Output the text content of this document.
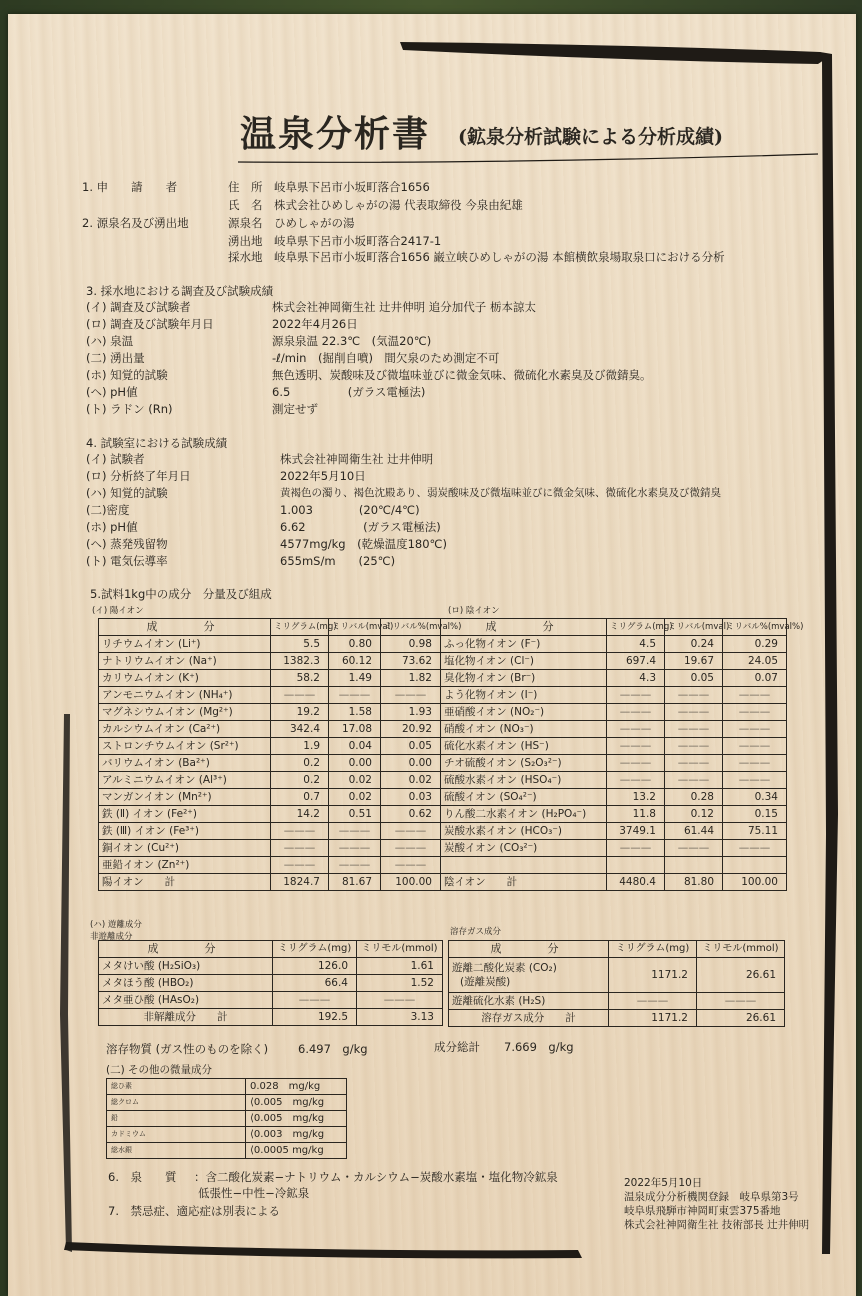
温泉分析書 (鉱泉分析試験による分析成績)
1. 申　　請　　者	住　所 岐阜県下呂市小坂町落合1656
氏　名 株式会社ひめしゃがの湯 代表取締役 今泉由紀雄
2. 源泉名及び湧出地	源泉名 ひめしゃがの湯
湧出地 岐阜県下呂市小坂町落合2417-1
採水地 岐阜県下呂市小坂町落合1656 巌立峡ひめしゃがの湯 本館横飲泉場取泉口における分析
3. 採水地における調査及び試験成績
(イ) 調査及び試験者	株式会社神岡衛生社 辻井伸明 追分加代子 栃本諒太
(ロ) 調査及び試験年月日	2022年4月26日
(ハ) 泉温	源泉泉温 22.3℃　(気温20℃)
(二) 湧出量	-ℓ/min　(掘削自噴)　間欠泉のため測定不可
(ホ) 知覚的試験	無色透明、炭酸味及び微塩味並びに微金気味、微硫化水素臭及び微錆臭。
(ヘ) pH値	6.5　　　　　(ガラス電極法)
(ト) ラドン (Rn)	測定せず
4. 試験室における試験成績
(イ) 試験者	株式会社神岡衛生社 辻井伸明
(ロ) 分析終了年月日	2022年5月10日
(ハ) 知覚的試験	黄褐色の濁り、褐色沈殿あり、弱炭酸味及び微塩味並びに微金気味、微硫化水素臭及び微錆臭
(二)密度	1.003　　　　(20℃/4℃)
(ホ) pH値	6.62　　　　　(ガラス電極法)
(ヘ) 蒸発残留物	4577mg/kg　(乾燥温度180℃)
(ト) 電気伝導率	655mS/m　　(25℃)
5.試料1kg中の成分　分量及び組成
(イ) 陽イオン	(ロ) 陰イオン
成　　分	ミリグラム(mg)	ミリバル(mval)	ミリバル%(mval%)	成　　分	ミリグラム(mg)	ミリバル(mval)	ミリバル%(mval%)
リチウムイオン (Li⁺)	5.5	0.80	0.98	ふっ化物イオン (F⁻)	4.5	0.24	0.29
ナトリウムイオン (Na⁺)	1382.3	60.12	73.62	塩化物イオン (Cl⁻)	697.4	19.67	24.05
カリウムイオン (K⁺)	58.2	1.49	1.82	臭化物イオン (Br⁻)	4.3	0.05	0.07
アンモニウムイオン (NH₄⁺)	———	———	———	よう化物イオン (I⁻)	———	———	———
マグネシウムイオン (Mg²⁺)	19.2	1.58	1.93	亜硝酸イオン (NO₂⁻)	———	———	———
カルシウムイオン (Ca²⁺)	342.4	17.08	20.92	硝酸イオン (NO₃⁻)	———	———	———
ストロンチウムイオン (Sr²⁺)	1.9	0.04	0.05	硫化水素イオン (HS⁻)	———	———	———
バリウムイオン (Ba²⁺)	0.2	0.00	0.00	チオ硫酸イオン (S₂O₃²⁻)	———	———	———
アルミニウムイオン (Al³⁺)	0.2	0.02	0.02	硫酸水素イオン (HSO₄⁻)	———	———	———
マンガンイオン (Mn²⁺)	0.7	0.02	0.03	硫酸イオン (SO₄²⁻)	13.2	0.28	0.34
鉄 (Ⅱ) イオン (Fe²⁺)	14.2	0.51	0.62	りん酸二水素イオン (H₂PO₄⁻)	11.8	0.12	0.15
鉄 (Ⅲ) イオン (Fe³⁺)	———	———	———	炭酸水素イオン (HCO₃⁻)	3749.1	61.44	75.11
銅イオン (Cu²⁺)	———	———	———	炭酸イオン (CO₃²⁻)	———	———	———
亜鉛イオン (Zn²⁺)	———	———	———				
陽イオン　　計	1824.7	81.67	100.00	陰イオン　　計	4480.4	81.80	100.00
(ハ) 遊離成分
非遊離成分	溶存ガス成分
成　　分	ミリグラム(mg)	ミリモル(mmol)
メタけい酸 (H₂SiO₃)	126.0	1.61
メタほう酸 (HBO₂)	66.4	1.52
メタ亜ひ酸 (HAsO₂)	———	———
非解離成分　　計	192.5	3.13
成　　分	ミリグラム(mg)	ミリモル(mmol)

遊離二酸化炭素 (CO₂)
(遊離炭酸)	1171.2	26.61
遊離硫化水素 (H₂S)	———	———
溶存ガス成分　　計	1171.2	26.61
溶存物質 (ガス性のものを除く)	6.497　g/kg	成分総計 7.669　g/kg
(二) その他の微量成分
総ひ素	0.028　mg/kg
総クロム	⟨0.005　mg/kg
鉛	⟨0.005　mg/kg
カドミウム	⟨0.003　mg/kg
総水銀	⟨0.0005 mg/kg
6.　泉　　質 ：含二酸化炭素−ナトリウム・カルシウム−炭酸水素塩・塩化物冷鉱泉
低張性−中性−冷鉱泉
7.　禁忌症、適応症は別表による
2022年5月10日
温泉成分分析機関登録　岐阜県第3号
岐阜県飛騨市神岡町東雲375番地
株式会社神岡衛生社 技術部長 辻井伸明
